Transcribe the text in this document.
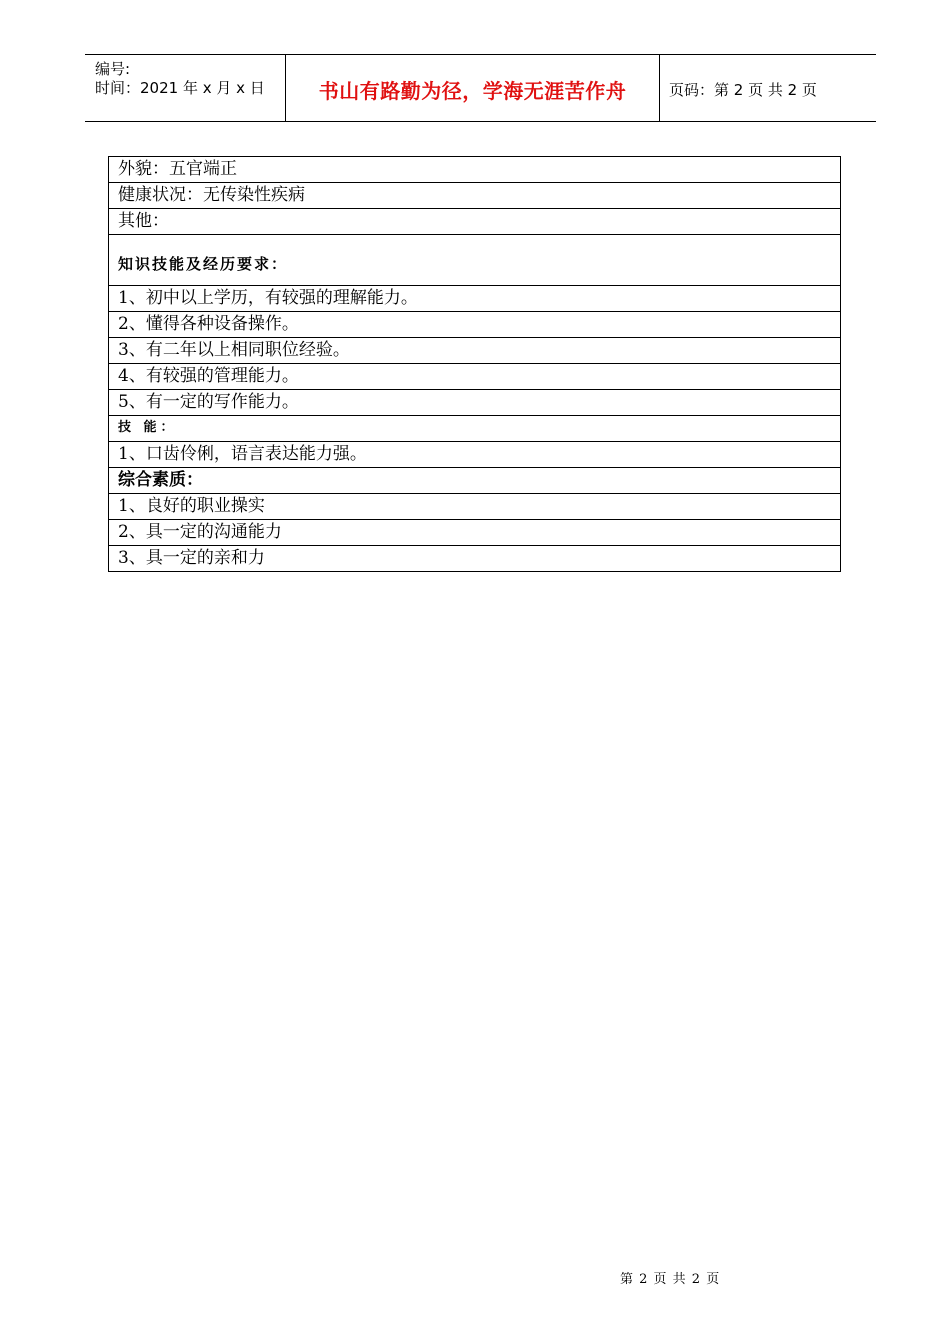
编号:
时间：2021 年 x 月 x 日	书山有路勤为径，学海无涯苦作舟	页码：第 2 页 共 2 页
外貌：五官端正
健康状况：无传染性疾病
其他：
知识技能及经历要求：
1、初中以上学历，有较强的理解能力。
2、懂得各种设备操作。
3、有二年以上相同职位经验。
4、有较强的管理能力。
5、有一定的写作能力。
技 能：
1、口齿伶俐，语言表达能力强。
综合素质：
1、良好的职业操实
2、具一定的沟通能力
3、具一定的亲和力
第 2 页 共 2 页
